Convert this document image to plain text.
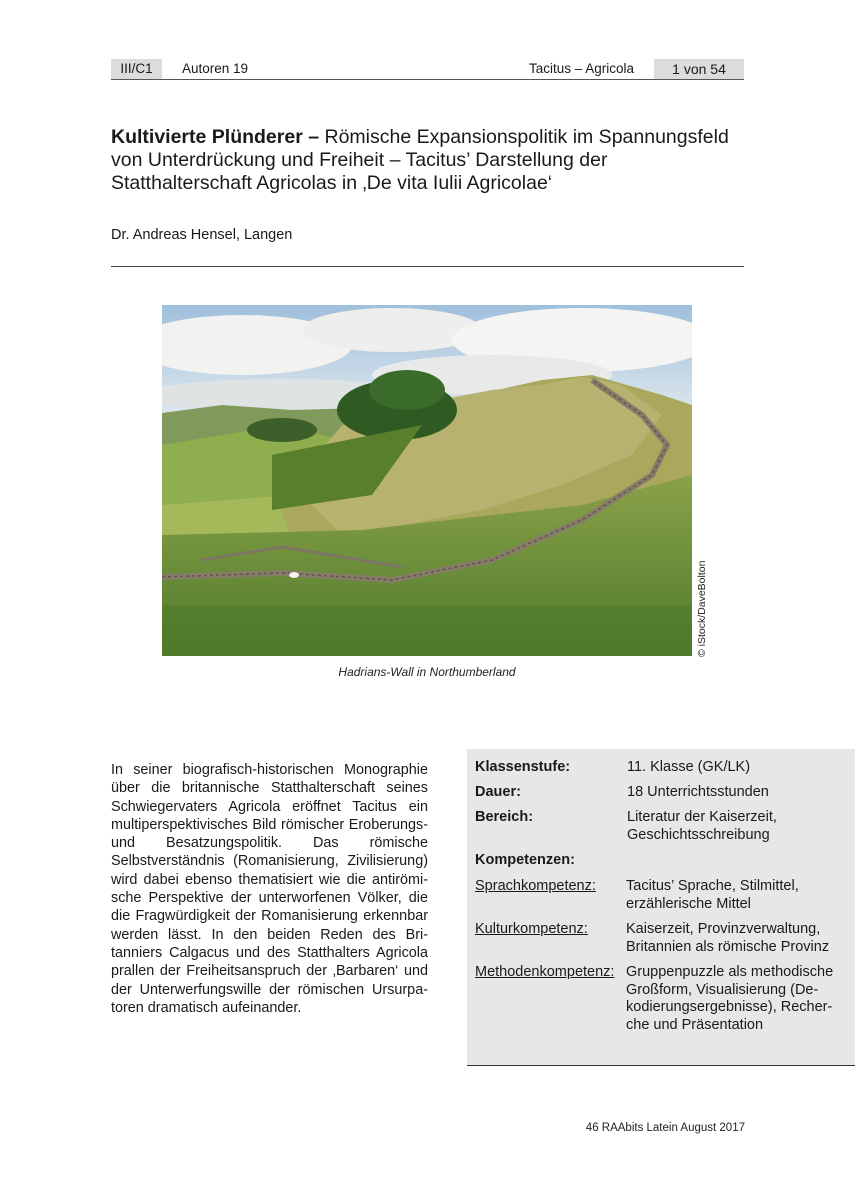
III/C1	Autoren 19	Tacitus – Agricola	1 von 54
Kultivierte Plünderer – Römische Expansionspolitik im Spannungsfeld von Unterdrückung und Freiheit – Tacitus’ Darstellung der Statthalterschaft Agricolas in ‚De vita Iulii Agricolae‘
Dr. Andreas Hensel, Langen
© iStock/DaveBolton
Hadrians-Wall in Northumberland

In seiner biografisch-historischen Monographie über die britannische Statthalterschaft seines Schwiegervaters Agricola eröffnet Tacitus ein multiperspektivisches Bild römischer Eroberungs- und Besatzungspolitik. Das römische Selbstverständnis (Romanisierung, Zivilisierung) wird dabei ebenso thematisiert wie die antirömische Perspektive der unterworfenen Völker, die die Fragwürdigkeit der Romanisierung erkennbar werden lässt. In den beiden Reden des Britanniers Calgacus und des Statthalters Agricola prallen der Freiheitsanspruch der ‚Barbaren‘ und der Unterwerfungswille der römischen Ursurpatoren dramatisch aufeinander.

Klassenstufe:	11. Klasse (GK/LK)
Dauer:	18 Unterrichtsstunden
Bereich:	Literatur der Kaiserzeit, Geschichtsschreibung
Kompetenzen:
Sprachkompetenz: Tacitus’ Sprache, Stilmittel, erzählerische Mittel
Kulturkompetenz:	Kaiserzeit, Provinzverwaltung, Britannien als römische Provinz
Methodenkompetenz: Gruppenpuzzle als methodische Großform, Visualisierung (Dekodierungsergebnisse), Recherche und Präsentation
46 RAAbits Latein August 2017
